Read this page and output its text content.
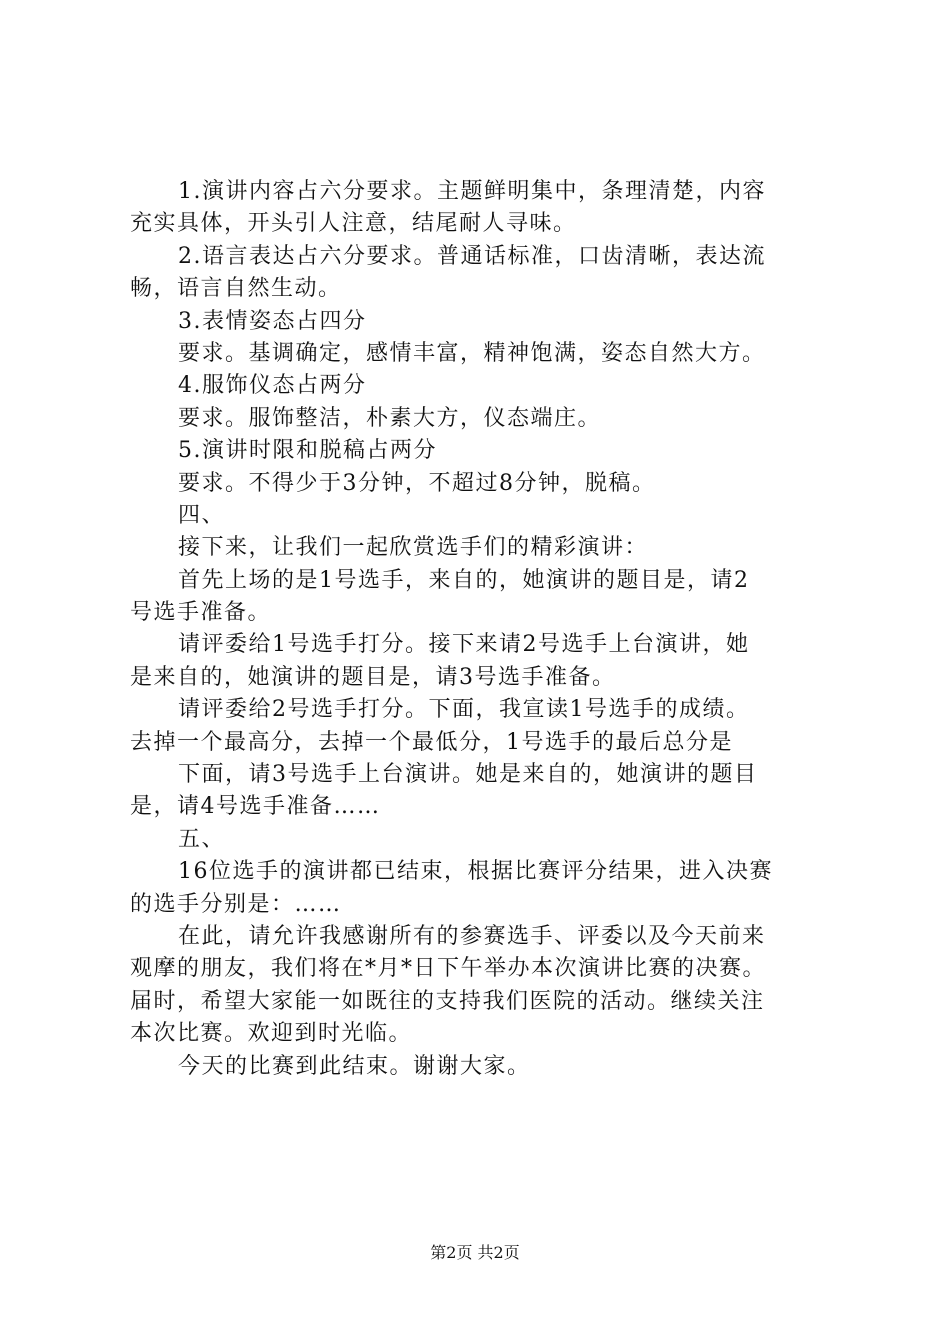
1.演讲内容占六分要求。主题鲜明集中，条理清楚，内容
充实具体，开头引人注意，结尾耐人寻味。
2.语言表达占六分要求。普通话标准，口齿清晰，表达流
畅，语言自然生动。
3.表情姿态占四分
要求。基调确定，感情丰富，精神饱满，姿态自然大方。
4.服饰仪态占两分
要求。服饰整洁，朴素大方，仪态端庄。
5.演讲时限和脱稿占两分
要求。不得少于3分钟，不超过8分钟，脱稿。
四、
接下来，让我们一起欣赏选手们的精彩演讲：
首先上场的是1号选手，来自的，她演讲的题目是，请2
号选手准备。
请评委给1号选手打分。接下来请2号选手上台演讲，她
是来自的，她演讲的题目是，请3号选手准备。
请评委给2号选手打分。下面，我宣读1号选手的成绩。
去掉一个最高分，去掉一个最低分，1号选手的最后总分是
下面，请3号选手上台演讲。她是来自的，她演讲的题目
是，请4号选手准备……
五、
16位选手的演讲都已结束，根据比赛评分结果，进入决赛
的选手分别是：……
在此，请允许我感谢所有的参赛选手、评委以及今天前来
观摩的朋友，我们将在*月*日下午举办本次演讲比赛的决赛。
届时，希望大家能一如既往的支持我们医院的活动。继续关注
本次比赛。欢迎到时光临。
今天的比赛到此结束。谢谢大家。
第2页 共2页
